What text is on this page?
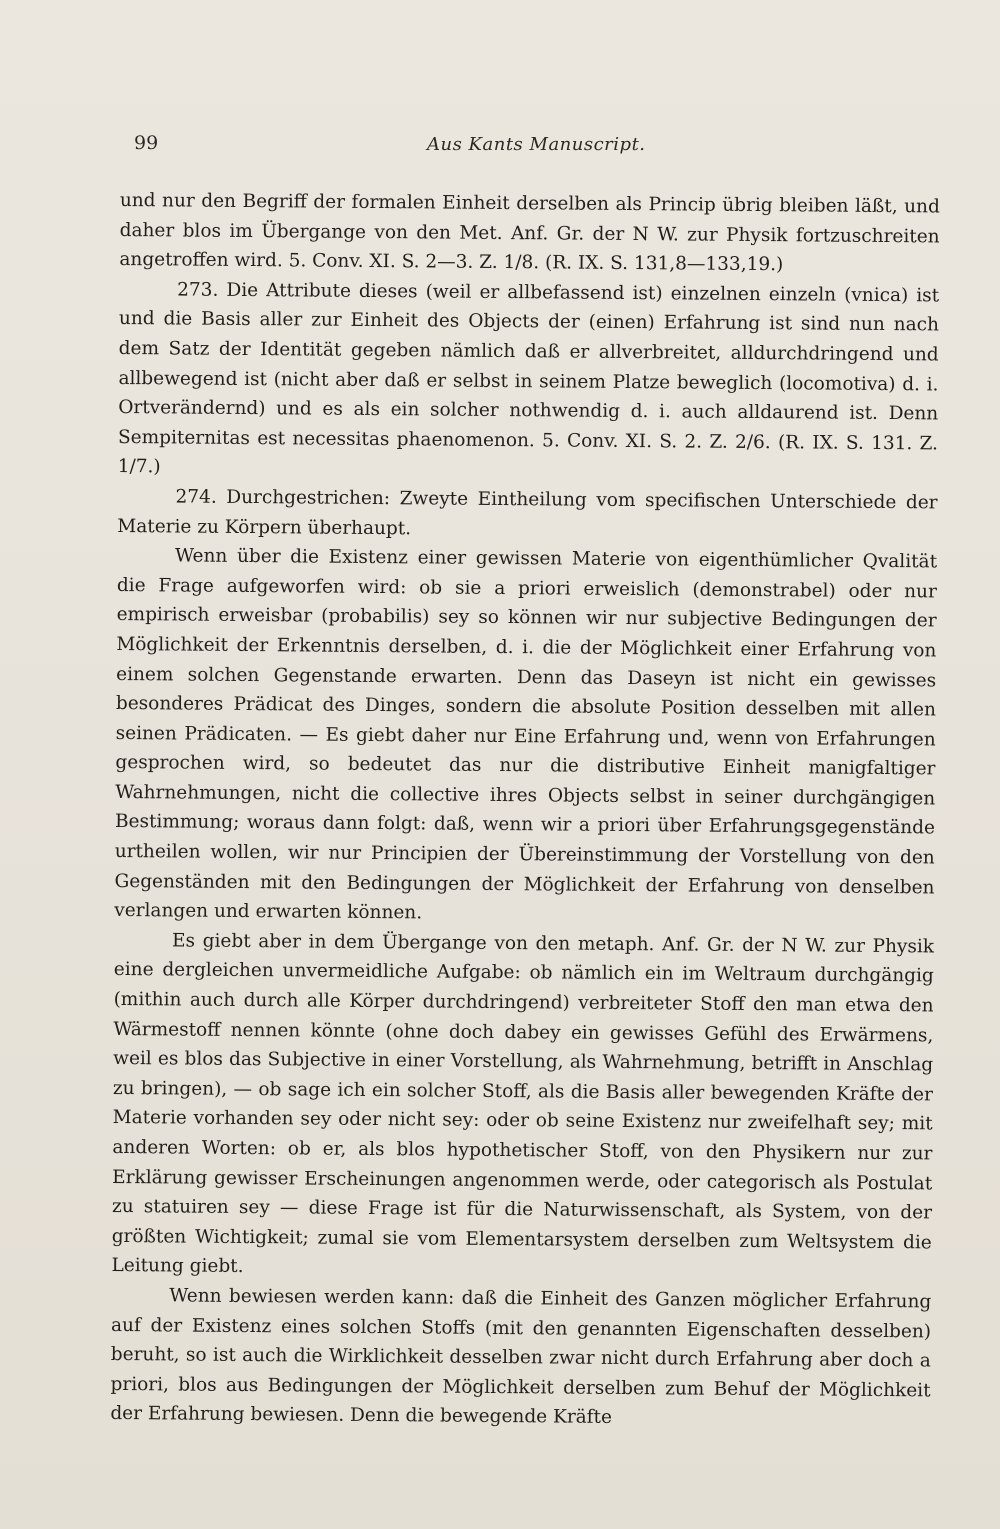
99	Aus Kants Manuscript.

und nur den Begriff der formalen Einheit derselben als Princip übrig bleiben läßt, und daher blos im Übergange von den Met. Anf. Gr. der N W. zur Physik fortzuschreiten angetroffen wird. 5. Conv. XI. S. 2—3. Z. 1/8. (R. IX. S. 131,8—133,19.)

273. Die Attribute dieses (weil er allbefassend ist) einzelnen einzeln (vnica) ist und die Basis aller zur Einheit des Objects der (einen) Erfahrung ist sind nun nach dem Satz der Identität gegeben nämlich daß er allverbreitet, alldurchdringend und allbewegend ist (nicht aber daß er selbst in seinem Platze beweglich (locomotiva) d. i. Ortverändernd) und es als ein solcher nothwendig d. i. auch alldaurend ist. Denn Sempiternitas est necessitas phaenomenon. 5. Conv. XI. S. 2. Z. 2/6. (R. IX. S. 131. Z. 1/7.)

274. Durchgestrichen: Zweyte Eintheilung vom specifischen Unterschiede der Materie zu Körpern überhaupt.

Wenn über die Existenz einer gewissen Materie von eigenthümlicher Qvalität die Frage aufgeworfen wird: ob sie a priori erweislich (demonstrabel) oder nur empirisch erweisbar (probabilis) sey so können wir nur subjective Bedingungen der Möglichkeit der Erkenntnis derselben, d. i. die der Möglichkeit einer Erfahrung von einem solchen Gegenstande erwarten. Denn das Daseyn ist nicht ein gewisses besonderes Prädicat des Dinges, sondern die absolute Position desselben mit allen seinen Prädicaten. — Es giebt daher nur Eine Erfahrung und, wenn von Erfahrungen gesprochen wird, so bedeutet das nur die distributive Einheit manigfaltiger Wahrnehmungen, nicht die collective ihres Objects selbst in seiner durchgängigen Bestimmung; woraus dann folgt: daß, wenn wir a priori über Erfahrungsgegenstände urtheilen wollen, wir nur Principien der Übereinstimmung der Vorstellung von den Gegenständen mit den Bedingungen der Möglichkeit der Erfahrung von denselben verlangen und erwarten können.

Es giebt aber in dem Übergange von den metaph. Anf. Gr. der N W. zur Physik eine dergleichen unvermeidliche Aufgabe: ob nämlich ein im Weltraum durchgängig (mithin auch durch alle Körper durchdringend) verbreiteter Stoff den man etwa den Wärmestoff nennen könnte (ohne doch dabey ein gewisses Gefühl des Erwärmens, weil es blos das Subjective in einer Vorstellung, als Wahrnehmung, betrifft in Anschlag zu bringen), — ob sage ich ein solcher Stoff, als die Basis aller bewegenden Kräfte der Materie vorhanden sey oder nicht sey: oder ob seine Existenz nur zweifelhaft sey; mit anderen Worten: ob er, als blos hypothetischer Stoff, von den Physikern nur zur Erklärung gewisser Erscheinungen angenommen werde, oder categorisch als Postulat zu statuiren sey — diese Frage ist für die Naturwissenschaft, als System, von der größten Wichtigkeit; zumal sie vom Elementarsystem derselben zum Weltsystem die Leitung giebt.

Wenn bewiesen werden kann: daß die Einheit des Ganzen möglicher Erfahrung auf der Existenz eines solchen Stoffs (mit den genannten Eigenschaften desselben) beruht, so ist auch die Wirklichkeit desselben zwar nicht durch Erfahrung aber doch a priori, blos aus Bedingungen der Möglichkeit derselben zum Behuf der Möglichkeit der Erfahrung bewiesen. Denn die bewegende Kräfte
